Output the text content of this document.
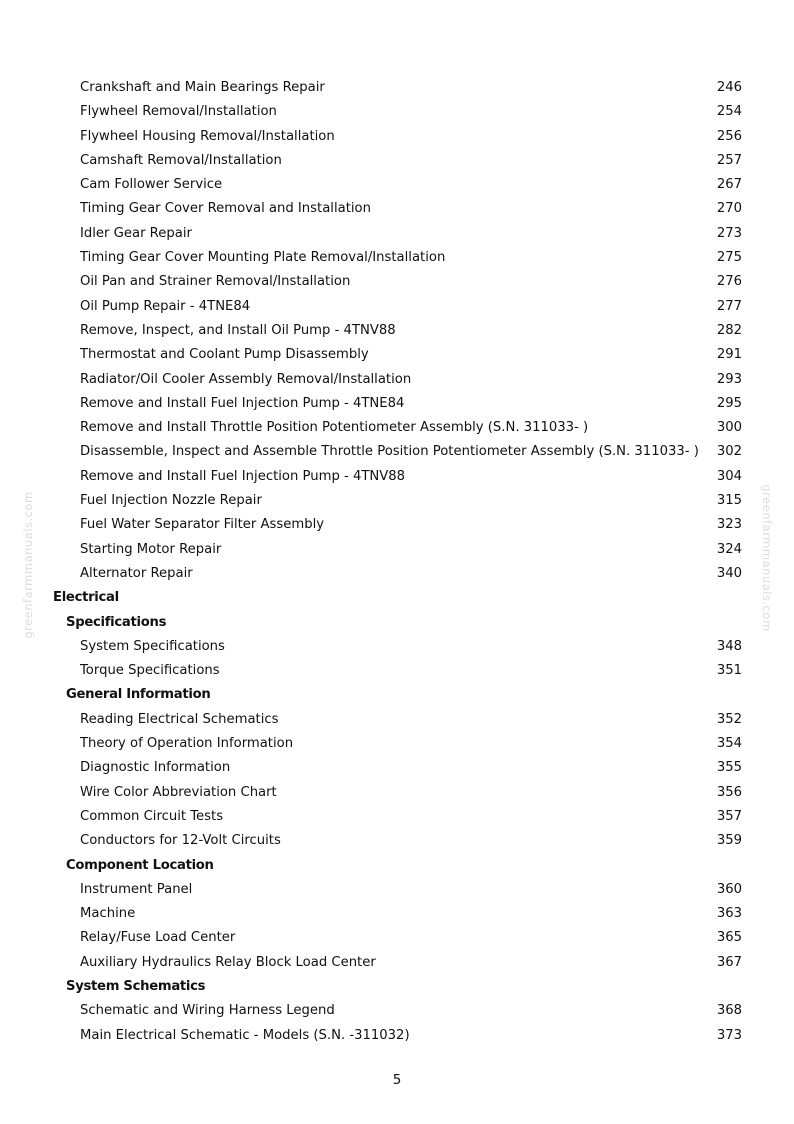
greenfarmmanuals.com	greenfarmmanuals.com
Crankshaft and Main Bearings Repair	246
Flywheel Removal/Installation	254
Flywheel Housing Removal/Installation	256
Camshaft Removal/Installation	257
Cam Follower Service	267
Timing Gear Cover Removal and Installation	270
Idler Gear Repair	273
Timing Gear Cover Mounting Plate Removal/Installation	275
Oil Pan and Strainer Removal/Installation	276
Oil Pump Repair - 4TNE84	277
Remove, Inspect, and Install Oil Pump - 4TNV88	282
Thermostat and Coolant Pump Disassembly	291
Radiator/Oil Cooler Assembly Removal/Installation	293
Remove and Install Fuel Injection Pump - 4TNE84	295
Remove and Install Throttle Position Potentiometer Assembly (S.N. 311033- )	300
Disassemble, Inspect and Assemble Throttle Position Potentiometer Assembly (S.N. 311033- ) 302
Remove and Install Fuel Injection Pump - 4TNV88	304
Fuel Injection Nozzle Repair	315
Fuel Water Separator Filter Assembly	323
Starting Motor Repair	324
Alternator Repair	340
Electrical
Specifications
System Specifications	348
Torque Specifications	351
General Information
Reading Electrical Schematics	352
Theory of Operation Information	354
Diagnostic Information	355
Wire Color Abbreviation Chart	356
Common Circuit Tests	357
Conductors for 12-Volt Circuits	359
Component Location
Instrument Panel	360
Machine	363
Relay/Fuse Load Center	365
Auxiliary Hydraulics Relay Block Load Center	367
System Schematics
Schematic and Wiring Harness Legend	368
Main Electrical Schematic - Models (S.N. -311032)	373
5
